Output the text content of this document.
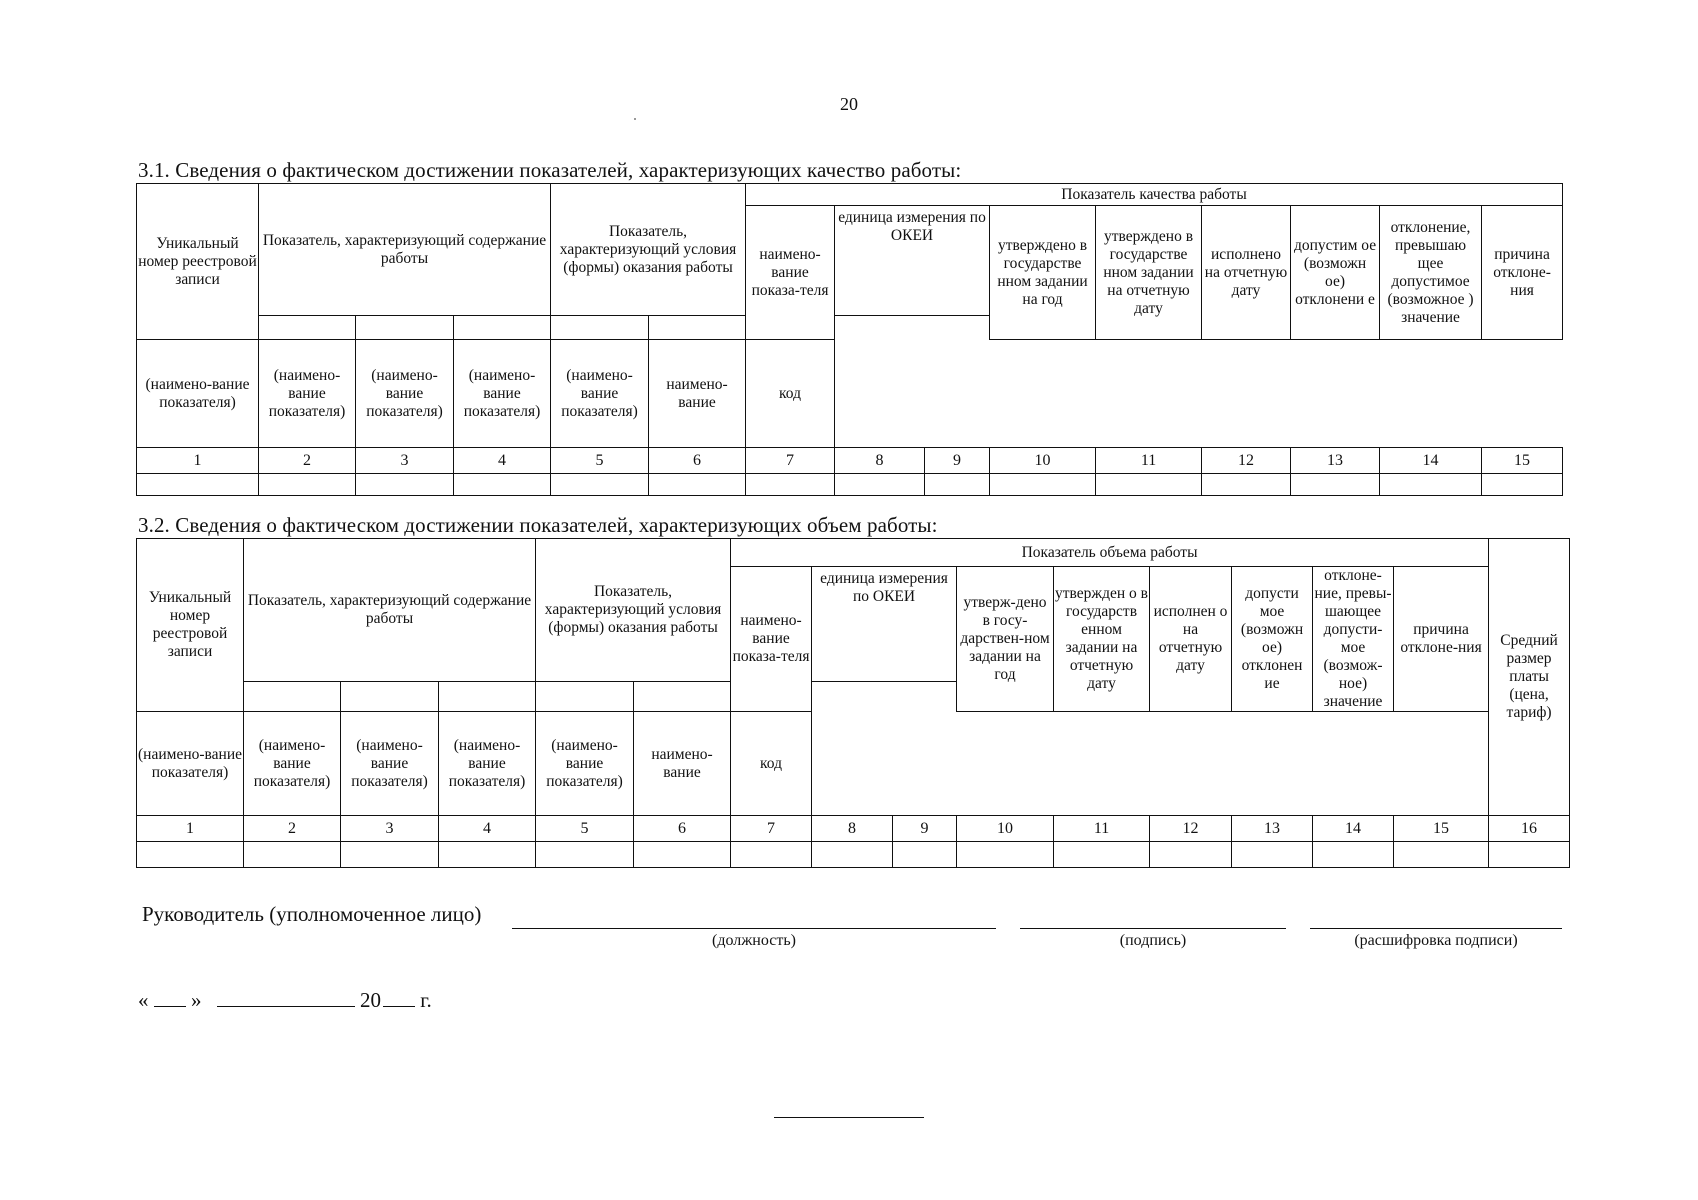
20
3.1. Сведения о фактическом достижении показателей, характеризующих качество работы:
Уникальный номер реестровой записи	Показатель, характеризующий содержание работы			Показатель, характеризующий условия (формы) оказания работы		Показатель качества работы								
						наимено-вание показа-теля	единица измерения по ОКЕИ		утверждено в государстве нном задании на год	утверждено в государстве нном задании на отчетную дату	исполнено на отчетную дату	допустим ое (возможн ое) отклонени е	отклонение, превышаю щее допустимое (возможное ) значение	причина отклоне-ния

(наимено-вание показателя)	(наимено-вание показателя)	(наимено-вание показателя)	(наимено-вание показателя)	(наимено-вание показателя)	наимено-вание	код								
1	2	3	4	5	6	7	8	9	10	11	12	13	14	15

3.2. Сведения о фактическом достижении показателей, характеризующих объем работы:
Уникальный номер реестровой записи	Показатель, характеризующий содержание работы			Показатель, характеризующий условия (формы) оказания работы		Показатель объема работы									Средний размер платы (цена, тариф)
						наимено-вание показа-теля	единица измерения по ОКЕИ		утверж-дено в госу-дарствен-ном задании на год	утвержден о в государств енном задании на отчетную дату	исполнен о на отчетную дату	допусти мое (возможн ое) отклонен ие	отклоне-ние, превы-шающее допусти-мое (возмож-ное) значение	причина отклоне-ния	

(наимено-вание показателя)	(наимено-вание показателя)	(наимено-вание показателя)	(наимено-вание показателя)	(наимено-вание показателя)	наимено-вание	код									
1	2	3	4	5	6	7	8	9	10	11	12	13	14	15	16

Руководитель (уполномоченное лицо)
(должность)	(подпись)	(расшифровка подписи)
« »	20 г.
